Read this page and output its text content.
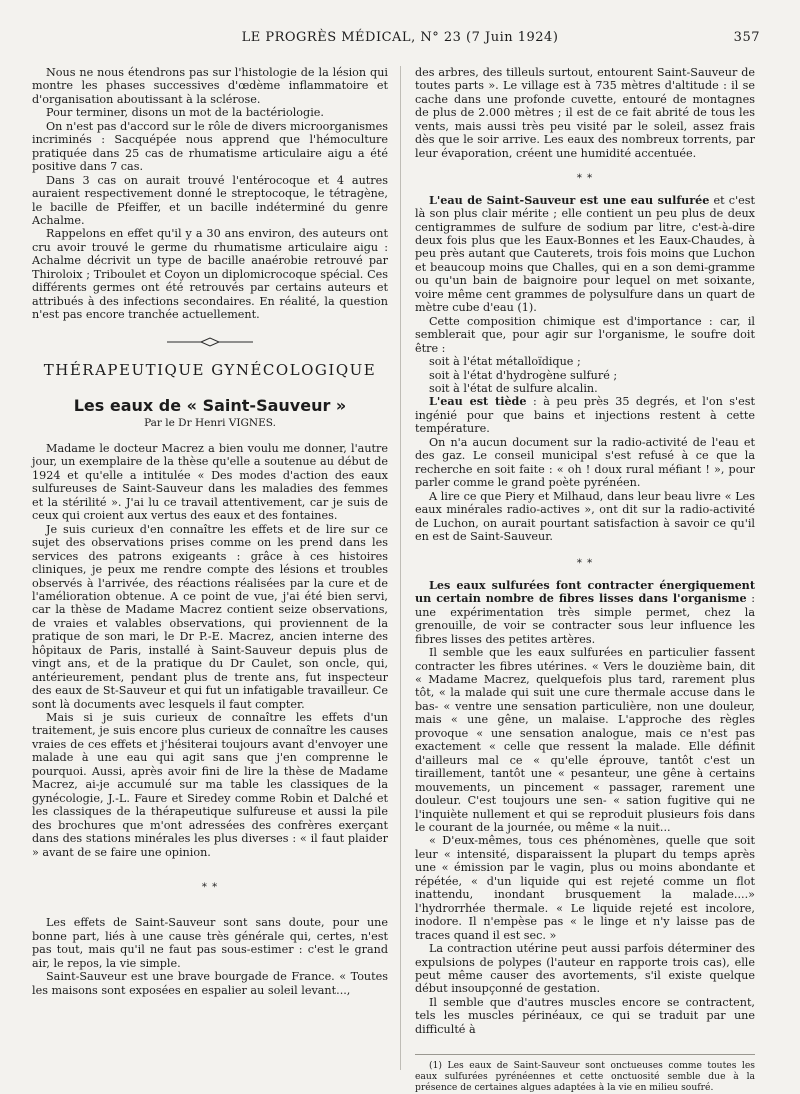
LE PROGRÈS MÉDICAL, N° 23 (7 Juin 1924)	357

Nous ne nous étendrons pas sur l'histologie de la lésion qui montre les phases successives d'œdème inflammatoire et d'organisation aboutissant à la sclérose.

Pour terminer, disons un mot de la bactériologie.

On n'est pas d'accord sur le rôle de divers microorganismes incriminés : Sacquépée nous apprend que l'hémoculture pratiquée dans 25 cas de rhumatisme articulaire aigu a été positive dans 7 cas.

Dans 3 cas on aurait trouvé l'entérocoque et 4 autres auraient respectivement donné le streptocoque, le tétragène, le bacille de Pfeiffer, et un bacille indéterminé du genre Achalme.

Rappelons en effet qu'il y a 30 ans environ, des auteurs ont cru avoir trouvé le germe du rhumatisme articulaire aigu : Achalme décrivit un type de bacille anaérobie retrouvé par Thiroloix ; Triboulet et Coyon un diplomicrocoque spécial. Ces différents germes ont été retrouvés par certains auteurs et attribués à des infections secondaires. En réalité, la question n'est pas encore tranchée actuellement.

THÉRAPEUTIQUE GYNÉCOLOGIQUE
Les eaux de « Saint-Sauveur »
Par le Dr Henri VIGNES.

Madame le docteur Macrez a bien voulu me donner, l'autre jour, un exemplaire de la thèse qu'elle a soutenue au début de 1924 et qu'elle a intitulée « Des modes d'action des eaux sulfureuses de Saint-Sauveur dans les maladies des femmes et la stérilité ». J'ai lu ce travail attentivement, car je suis de ceux qui croient aux vertus des eaux et des fontaines.

Je suis curieux d'en connaître les effets et de lire sur ce sujet des observations prises comme on les prend dans les services des patrons exigeants : grâce à ces histoires cliniques, je peux me rendre compte des lésions et troubles observés à l'arrivée, des réactions réalisées par la cure et de l'amélioration obtenue. A ce point de vue, j'ai été bien servi, car la thèse de Madame Macrez contient seize observations, de vraies et valables observations, qui proviennent de la pratique de son mari, le Dr P.-E. Macrez, ancien interne des hôpitaux de Paris, installé à Saint-Sauveur depuis plus de vingt ans, et de la pratique du Dr Caulet, son oncle, qui, antérieurement, pendant plus de trente ans, fut inspecteur des eaux de St-Sauveur et qui fut un infatigable travailleur. Ce sont là documents avec lesquels il faut compter.

Mais si je suis curieux de connaître les effets d'un traitement, je suis encore plus curieux de connaître les causes vraies de ces effets et j'hésiterai toujours avant d'envoyer une malade à une eau qui agit sans que j'en comprenne le pourquoi. Aussi, après avoir fini de lire la thèse de Madame Macrez, ai-je accumulé sur ma table les classiques de la gynécologie, J.-L. Faure et Siredey comme Robin et Dalché et les classiques de la thérapeutique sulfureuse et aussi la pile des brochures que m'ont adressées des confrères exerçant dans des stations minérales les plus diverses : « il faut plaider » avant de se faire une opinion.

* *

Les effets de Saint-Sauveur sont sans doute, pour une bonne part, liés à une cause très générale qui, certes, n'est pas tout, mais qu'il ne faut pas sous-estimer : c'est le grand air, le repos, la vie simple.

Saint-Sauveur est une brave bourgade de France. « Toutes les maisons sont exposées en espalier au soleil levant...,

des arbres, des tilleuls surtout, entourent Saint-Sauveur de toutes parts ». Le village est à 735 mètres d'altitude : il se cache dans une profonde cuvette, entouré de montagnes de plus de 2.000 mètres ; il est de ce fait abrité de tous les vents, mais aussi très peu visité par le soleil, assez frais dès que le soir arrive. Les eaux des nombreux torrents, par leur évaporation, créent une humidité accentuée.

* *

L'eau de Saint-Sauveur est une eau sulfurée et c'est là son plus clair mérite ; elle contient un peu plus de deux centigrammes de sulfure de sodium par litre, c'est-à-dire deux fois plus que les Eaux-Bonnes et les Eaux-Chaudes, à peu près autant que Cauterets, trois fois moins que Luchon et beaucoup moins que Challes, qui en a son demi-gramme ou qu'un bain de baignoire pour lequel on met soixante, voire même cent grammes de polysulfure dans un quart de mètre cube d'eau (1).

Cette composition chimique est d'importance : car, il semblerait que, pour agir sur l'organisme, le soufre doit être :

soit à l'état métalloïdique ;

soit à l'état d'hydrogène sulfuré ;

soit à l'état de sulfure alcalin.

L'eau est tiède : à peu près 35 degrés, et l'on s'est ingénié pour que bains et injections restent à cette température.

On n'a aucun document sur la radio-activité de l'eau et des gaz. Le conseil municipal s'est refusé à ce que la recherche en soit faite : « oh ! doux rural méfiant ! », pour parler comme le grand poète pyrénéen.

A lire ce que Piery et Milhaud, dans leur beau livre « Les eaux minérales radio-actives », ont dit sur la radio-activité de Luchon, on aurait pourtant satisfaction à savoir ce qu'il en est de Saint-Sauveur.

* *

Les eaux sulfurées font contracter énergiquement un certain nombre de fibres lisses dans l'organisme : une expérimentation très simple permet, chez la grenouille, de voir se contracter sous leur influence les fibres lisses des petites artères.

Il semble que les eaux sulfurées en particulier fassent contracter les fibres utérines. « Vers le douzième bain, dit « Madame Macrez, quelquefois plus tard, rarement plus tôt, « la malade qui suit une cure thermale accuse dans le bas- « ventre une sensation particulière, non une douleur, mais « une gêne, un malaise. L'approche des règles provoque « une sensation analogue, mais ce n'est pas exactement « celle que ressent la malade. Elle définit d'ailleurs mal ce « qu'elle éprouve, tantôt c'est un tiraillement, tantôt une « pesanteur, une gêne à certains mouvements, un pincement « passager, rarement une douleur. C'est toujours une sen- « sation fugitive qui ne l'inquiète nullement et qui se reproduit plusieurs fois dans le courant de la journée, ou même « la nuit...

« D'eux-mêmes, tous ces phénomènes, quelle que soit leur « intensité, disparaissent la plupart du temps après une « émission par le vagin, plus ou moins abondante et répétée, « d'un liquide qui est rejeté comme un flot inattendu, inondant brusquement la malade....» l'hydrorrhée thermale. « Le liquide rejeté est incolore, inodore. Il n'empèse pas « le linge et n'y laisse pas de traces quand il est sec. »

La contraction utérine peut aussi parfois déterminer des expulsions de polypes (l'auteur en rapporte trois cas), elle peut même causer des avortements, s'il existe quelque début insoupçonné de gestation.

Il semble que d'autres muscles encore se contractent, tels les muscles périnéaux, ce qui se traduit par une difficulté à

(1) Les eaux de Saint-Sauveur sont onctueuses comme toutes les eaux sulfurées pyrénéennes et cette onctuosité semble due à la présence de certaines algues adaptées à la vie en milieu soufré.
